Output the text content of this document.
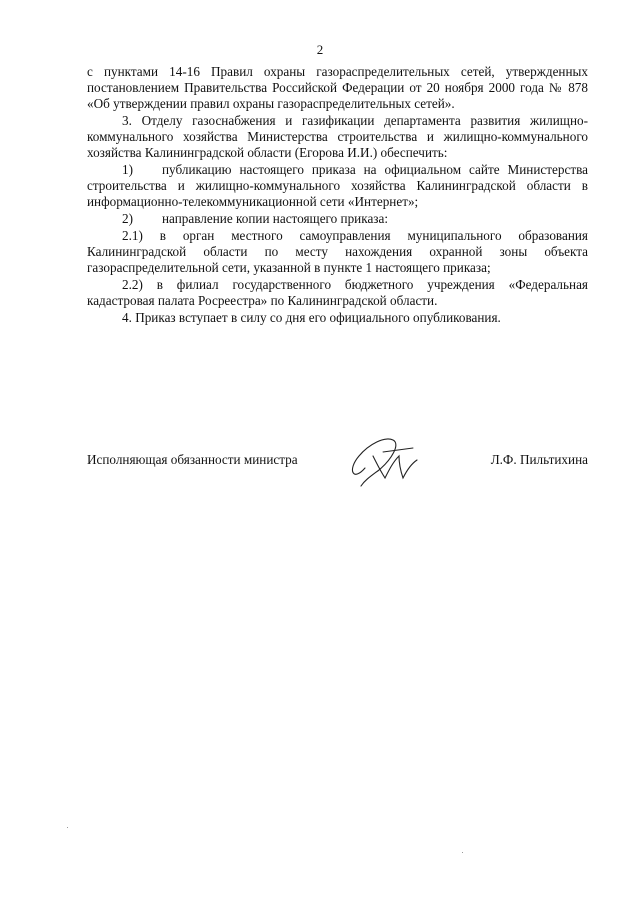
2

с пунктами 14-16 Правил охраны газораспределительных сетей, утвержденных постановлением Правительства Российской Федерации от 20 ноября 2000 года № 878 «Об утверждении правил охраны газораспределительных сетей».

3. Отделу газоснабжения и газификации департамента развития жилищно-коммунального хозяйства Министерства строительства и жилищно-коммунального хозяйства Калининградской области (Егорова И.И.) обеспечить:

1) публикацию настоящего приказа на официальном сайте Министерства строительства и жилищно-коммунального хозяйства Калининградской области в информационно-телекоммуникационной сети «Интернет»;

2) направление копии настоящего приказа:

2.1) в орган местного самоуправления муниципального образования Калининградской области по месту нахождения охранной зоны объекта газораспределительной сети, указанной в пункте 1 настоящего приказа;

2.2) в филиал государственного бюджетного учреждения «Федеральная кадастровая палата Росреестра» по Калининградской области.

4. Приказ вступает в силу со дня его официального опубликования.

Исполняющая обязанности министра	Л.Ф. Пильтихина
